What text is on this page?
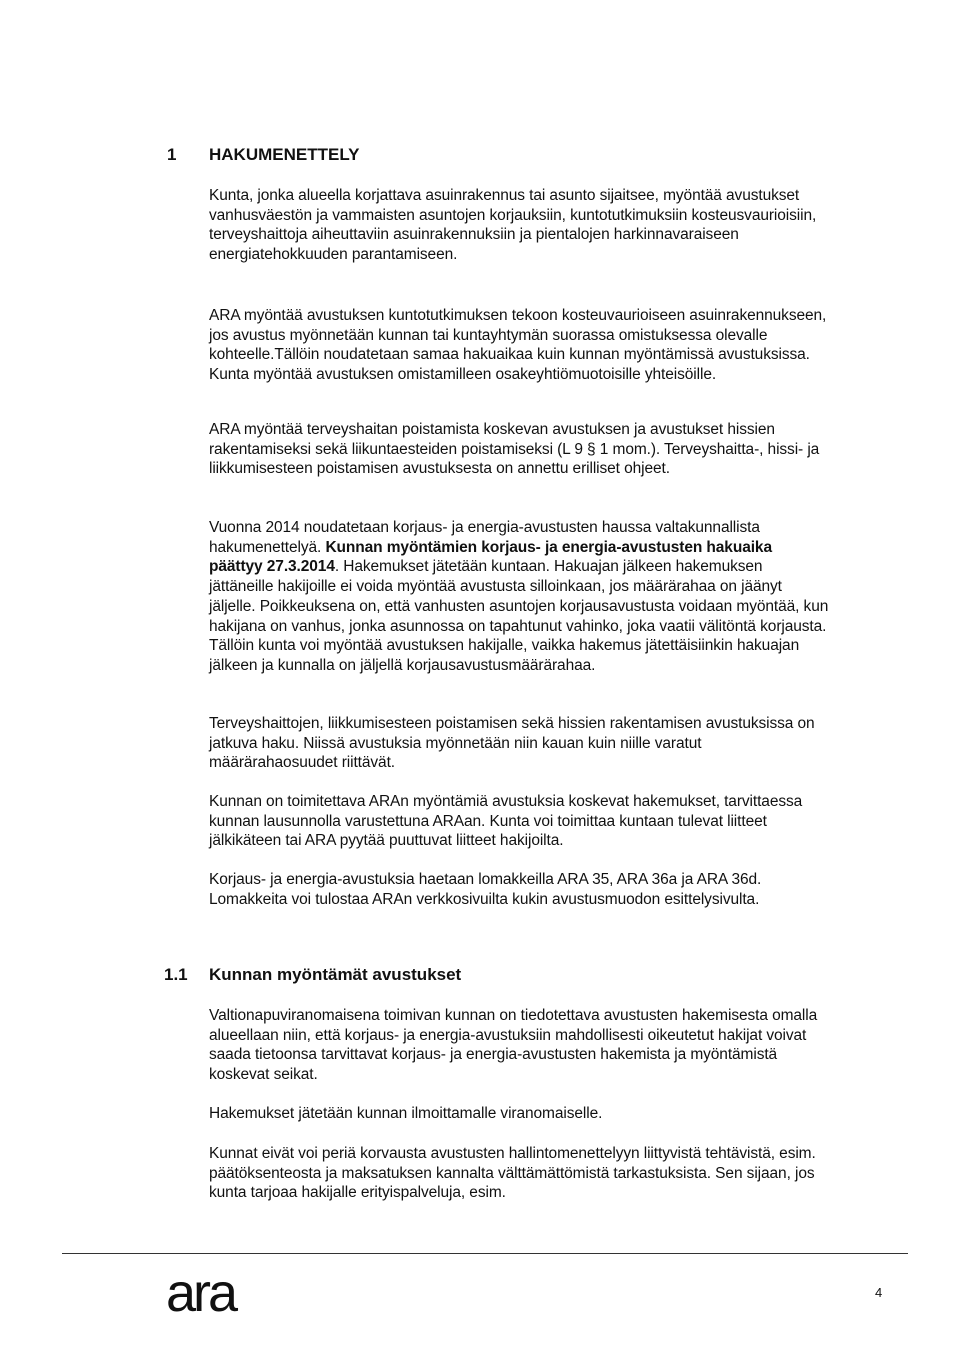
1 HAKUMENETTELY

Kunta, jonka alueella korjattava asuinrakennus tai asunto sijaitsee, myöntää avustukset vanhusväestön ja vammaisten asuntojen korjauksiin, kuntotutkimuksiin kosteusvaurioisiin, terveyshaittoja aiheuttaviin asuinrakennuksiin ja pientalojen harkinnavaraiseen energiatehokkuuden parantamiseen.

ARA myöntää avustuksen kuntotutkimuksen tekoon kosteuvaurioiseen asuinrakennukseen, jos avustus myönnetään kunnan tai kuntayhtymän suorassa omistuksessa olevalle kohteelle.Tällöin noudatetaan samaa hakuaikaa kuin kunnan myöntämissä avustuksissa. Kunta myöntää avustuksen omistamilleen osakeyhtiömuotoisille yhteisöille.

ARA myöntää terveyshaitan poistamista koskevan avustuksen ja avustukset hissien rakentamiseksi sekä liikuntaesteiden poistamiseksi (L 9 § 1 mom.). Terveyshaitta-, hissi- ja liikkumisesteen poistamisen avustuksesta on annettu erilliset ohjeet.

Vuonna 2014 noudatetaan korjaus- ja energia-avustusten haussa valtakunnallista hakumenettelyä. Kunnan myöntämien korjaus- ja energia-avustusten hakuaika päättyy 27.3.2014. Hakemukset jätetään kuntaan. Hakuajan jälkeen hakemuksen jättäneille hakijoille ei voida myöntää avustusta silloinkaan, jos määrärahaa on jäänyt jäljelle. Poikkeuksena on, että vanhusten asuntojen korjausavustusta voidaan myöntää, kun hakijana on vanhus, jonka asunnossa on tapahtunut vahinko, joka vaatii välitöntä korjausta. Tällöin kunta voi myöntää avustuksen hakijalle, vaikka hakemus jätettäisiinkin hakuajan jälkeen ja kunnalla on jäljellä korjausavustusmäärärahaa.

Terveyshaittojen, liikkumisesteen poistamisen sekä hissien rakentamisen avustuksissa on jatkuva haku. Niissä avustuksia myönnetään niin kauan kuin niille varatut määrärahaosuudet riittävät.

Kunnan on toimitettava ARAn myöntämiä avustuksia koskevat hakemukset, tarvittaessa kunnan lausunnolla varustettuna ARAan. Kunta voi toimittaa kuntaan tulevat liitteet jälkikäteen tai ARA pyytää puuttuvat liitteet hakijoilta.

Korjaus- ja energia-avustuksia haetaan lomakkeilla ARA 35, ARA 36a ja ARA 36d. Lomakkeita voi tulostaa ARAn verkkosivuilta kukin avustusmuodon esittelysivulta.

1.1 Kunnan myöntämät avustukset

Valtionapuviranomaisena toimivan kunnan on tiedotettava avustusten hakemisesta omalla alueellaan niin, että korjaus- ja energia-avustuksiin mahdollisesti oikeutetut hakijat voivat saada tietoonsa tarvittavat korjaus- ja energia-avustusten hakemista ja myöntämistä koskevat seikat.

Hakemukset jätetään kunnan ilmoittamalle viranomaiselle.

Kunnat eivät voi periä korvausta avustusten hallintomenettelyyn liittyvistä tehtävistä, esim. päätöksenteosta ja maksatuksen kannalta välttämättömistä tarkastuksista. Sen sijaan, jos kunta tarjoaa hakijalle erityispalveluja, esim.

ara	4
